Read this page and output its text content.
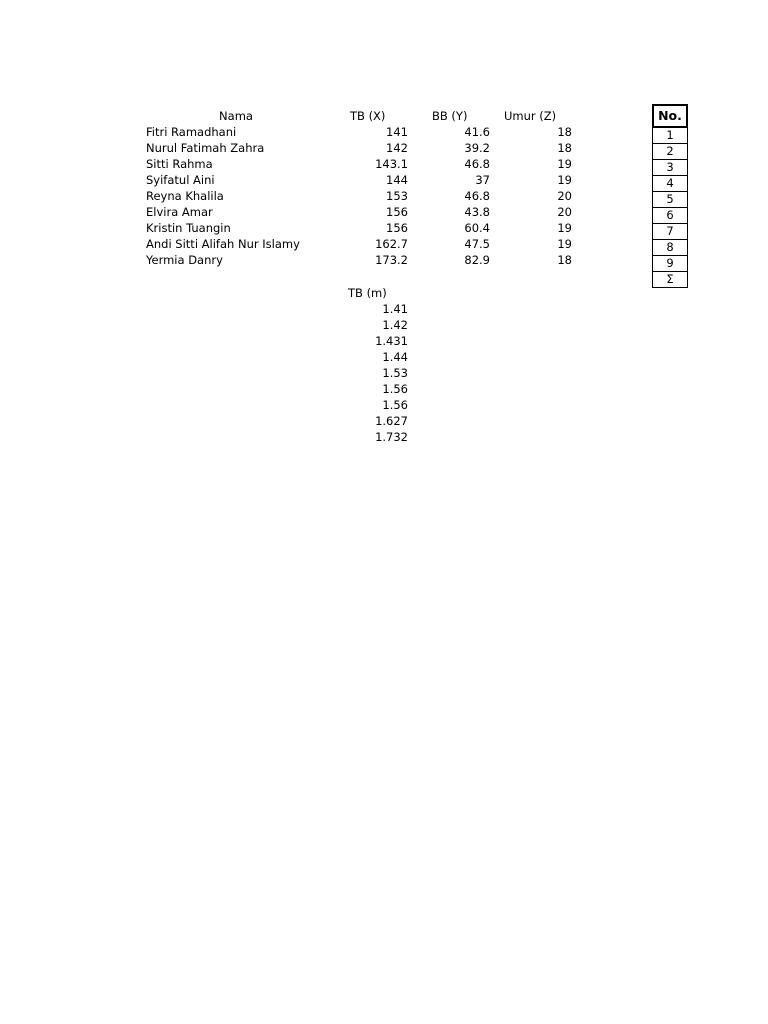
Nama	TB (X)	BB (Y)	Umur (Z)
Fitri Ramadhani	141	41.6	18
Nurul Fatimah Zahra	142	39.2	18
Sitti Rahma	143.1	46.8	19
Syifatul Aini	144	37	19
Reyna Khalila	153	46.8	20
Elvira Amar	156	43.8	20
Kristin Tuangin	156	60.4	19
Andi Sitti Alifah Nur Islamy	162.7	47.5	19
Yermia Danry	173.2	82.9	18
TB (m)
1.41
1.42
1.431
1.44
1.53
1.56
1.56
1.627
1.732
No.
1
2
3
4
5
6
7
8
9
Σ
